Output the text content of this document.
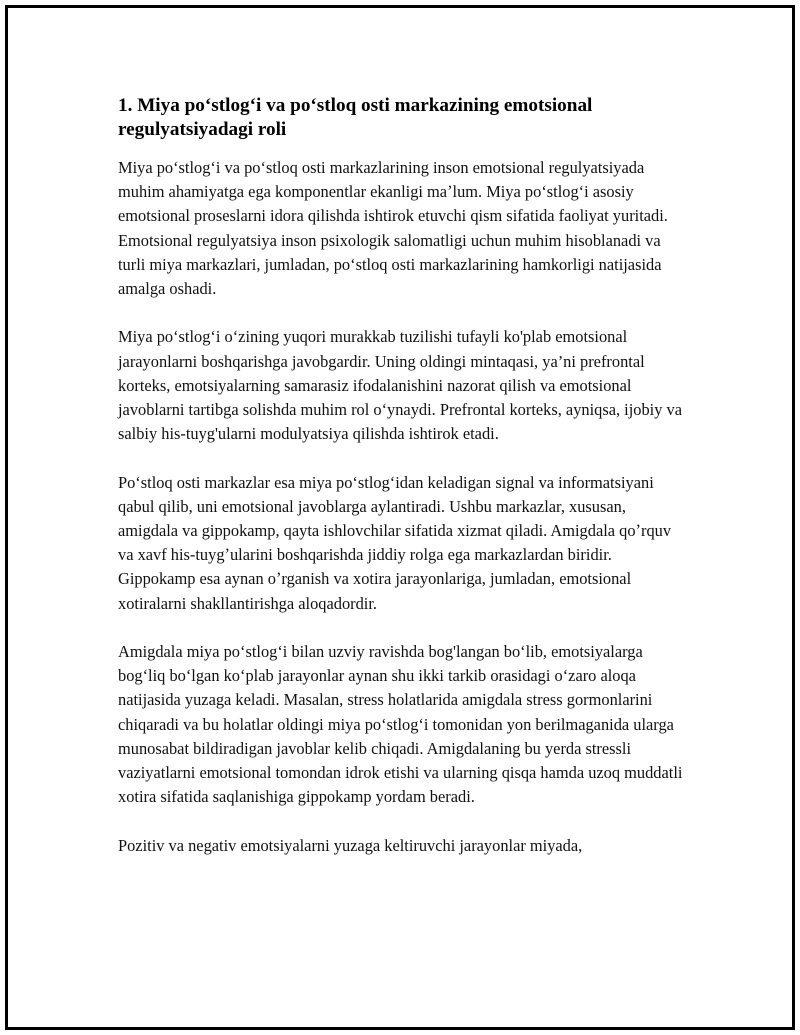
1. Miya poʻstlogʻi va poʻstloq osti markazining emotsional regulyatsiyadagi roli

Miya poʻstlogʻi va poʻstloq osti markazlarining inson emotsional regulyatsiyada muhim ahamiyatga ega komponentlar ekanligi maʼlum. Miya poʻstlogʻi asosiy emotsional proseslarni idora qilishda ishtirok etuvchi qism sifatida faoliyat yuritadi. Emotsional regulyatsiya inson psixologik salomatligi uchun muhim hisoblanadi va turli miya markazlari, jumladan, poʻstloq osti markazlarining hamkorligi natijasida amalga oshadi.

Miya poʻstlogʻi oʻzining yuqori murakkab tuzilishi tufayli ko'plab emotsional jarayonlarni boshqarishga javobgardir. Uning oldingi mintaqasi, ya’ni prefrontal korteks, emotsiyalarning samarasiz ifodalanishini nazorat qilish va emotsional javoblarni tartibga solishda muhim rol oʻynaydi. Prefrontal korteks, ayniqsa, ijobiy va salbiy his-tuyg'ularni modulyatsiya qilishda ishtirok etadi.

Poʻstloq osti markazlar esa miya poʻstlogʻidan keladigan signal va informatsiyani qabul qilib, uni emotsional javoblarga aylantiradi. Ushbu markazlar, xususan, amigdala va gippokamp, qayta ishlovchilar sifatida xizmat qiladi. Amigdala qoʼrquv va xavf his-tuygʼularini boshqarishda jiddiy rolga ega markazlardan biridir. Gippokamp esa aynan oʼrganish va xotira jarayonlariga, jumladan, emotsional xotiralarni shakllantirishga aloqadordir.

Amigdala miya poʻstlogʻi bilan uzviy ravishda bog'langan boʻlib, emotsiyalarga bogʻliq boʻlgan koʻplab jarayonlar aynan shu ikki tarkib orasidagi oʻzaro aloqa natijasida yuzaga keladi. Masalan, stress holatlarida amigdala stress gormonlarini chiqaradi va bu holatlar oldingi miya poʻstlogʻi tomonidan yon berilmaganida ularga munosabat bildiradigan javoblar kelib chiqadi. Amigdalaning bu yerda stressli vaziyatlarni emotsional tomondan idrok etishi va ularning qisqa hamda uzoq muddatli xotira sifatida saqlanishiga gippokamp yordam beradi.

Pozitiv va negativ emotsiyalarni yuzaga keltiruvchi jarayonlar miyada,
